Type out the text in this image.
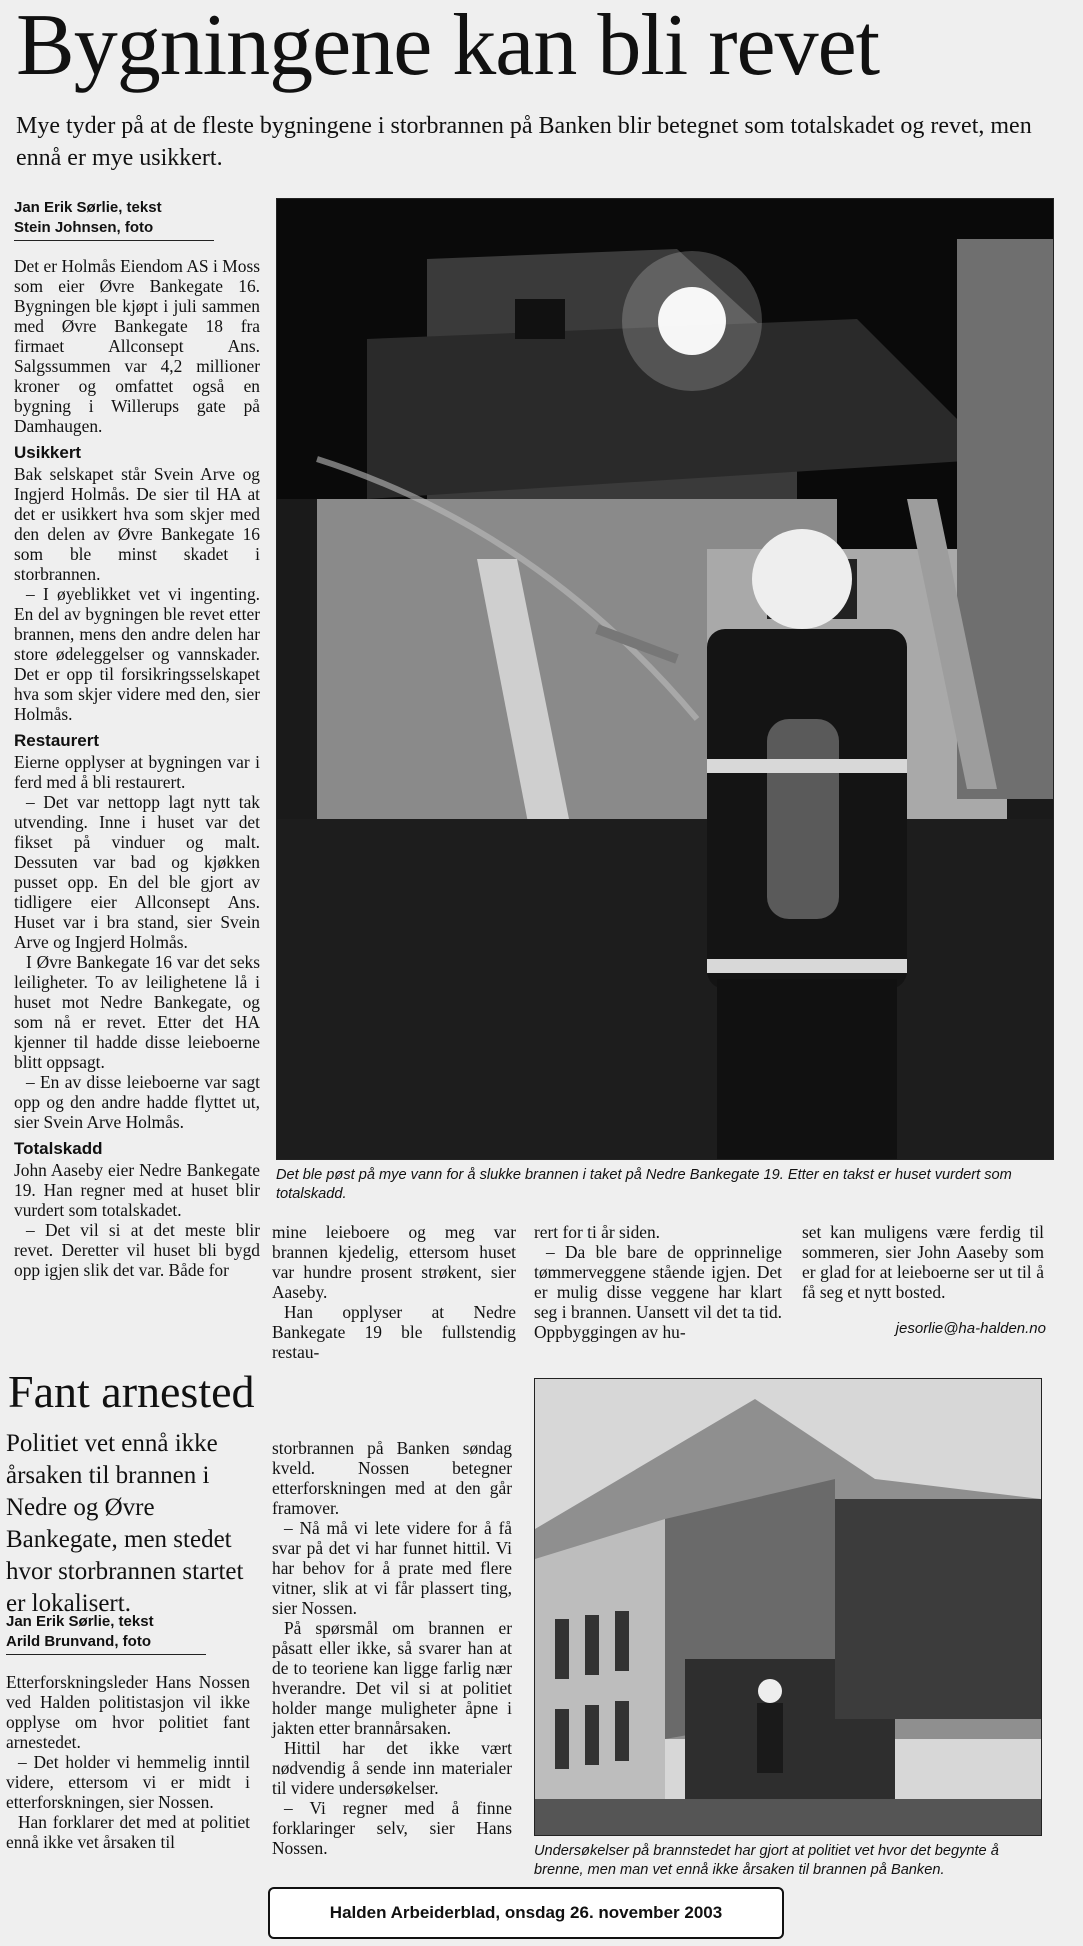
Bygningene kan bli revet
Mye tyder på at de fleste bygningene i storbrannen på Banken blir betegnet som totalskadet og revet, men ennå er mye usikkert.
Jan Erik Sørlie, tekst
Stein Johnsen, foto

Det er Holmås Eiendom AS i Moss som eier Øvre Bankegate 16. Bygningen ble kjøpt i juli sammen med Øvre Bankegate 18 fra firmaet Allconsept Ans. Salgssummen var 4,2 millioner kroner og omfattet også en bygning i Willerups gate på Damhaugen.

Usikkert

Bak selskapet står Svein Arve og Ingjerd Holmås. De sier til HA at det er usikkert hva som skjer med den delen av Øvre Bankegate 16 som ble minst skadet i storbrannen.

– I øyeblikket vet vi ingenting. En del av bygningen ble revet etter brannen, mens den andre delen har store ødeleggelser og vannskader. Det er opp til forsikringsselskapet hva som skjer videre med den, sier Holmås.

Restaurert

Eierne opplyser at bygningen var i ferd med å bli restaurert.

– Det var nettopp lagt nytt tak utvending. Inne i huset var det fikset på vinduer og malt. Dessuten var bad og kjøkken pusset opp. En del ble gjort av tidligere eier Allconsept Ans. Huset var i bra stand, sier Svein Arve og Ingjerd Holmås.

I Øvre Bankegate 16 var det seks leiligheter. To av leilighetene lå i huset mot Nedre Bankegate, og som nå er revet. Etter det HA kjenner til hadde disse leieboerne blitt oppsagt.

– En av disse leieboerne var sagt opp og den andre hadde flyttet ut, sier Svein Arve Holmås.

Totalskadd

John Aaseby eier Nedre Bankegate 19. Han regner med at huset blir vurdert som totalskadet.

– Det vil si at det meste blir revet. Deretter vil huset bli bygd opp igjen slik det var. Både for

Det ble pøst på mye vann for å slukke brannen i taket på Nedre Bankegate 19. Etter en takst er huset vurdert som totalskadd.

mine leieboere og meg var brannen kjedelig, ettersom huset var hundre prosent strøkent, sier Aaseby.

Han opplyser at Nedre Bankegate 19 ble fullstendig restau-

rert for ti år siden.

– Da ble bare de opprinnelige tømmerveggene stående igjen. Det er mulig disse veggene har klart seg i brannen. Uansett vil det ta tid. Oppbyggingen av hu-

set kan muligens være ferdig til sommeren, sier John Aaseby som er glad for at leieboerne ser ut til å få seg et nytt bosted.

jesorlie@ha-halden.no
Fant arnested
Politiet vet ennå ikke årsaken til brannen i Nedre og Øvre Bankegate, men stedet hvor storbrannen startet er lokalisert.
Jan Erik Sørlie, tekst
Arild Brunvand, foto

Etterforskningsleder Hans Nossen ved Halden politistasjon vil ikke opplyse om hvor politiet fant arnestedet.

– Det holder vi hemmelig inntil videre, ettersom vi er midt i etterforskningen, sier Nossen.

Han forklarer det med at politiet ennå ikke vet årsaken til

storbrannen på Banken søndag kveld. Nossen betegner etterforskningen med at den går framover.

– Nå må vi lete videre for å få svar på det vi har funnet hittil. Vi har behov for å prate med flere vitner, slik at vi får plassert ting, sier Nossen.

På spørsmål om brannen er påsatt eller ikke, så svarer han at de to teoriene kan ligge farlig nær hverandre. Det vil si at politiet holder mange muligheter åpne i jakten etter brannårsaken.

Hittil har det ikke vært nødvendig å sende inn materialer til videre undersøkelser.

– Vi regner med å finne forklaringer selv, sier Hans Nossen.	Undersøkelser på brannstedet har gjort at politiet vet hvor det begynte å brenne, men man vet ennå ikke årsaken til brannen på Banken.
Halden Arbeiderblad, onsdag 26. november 2003
